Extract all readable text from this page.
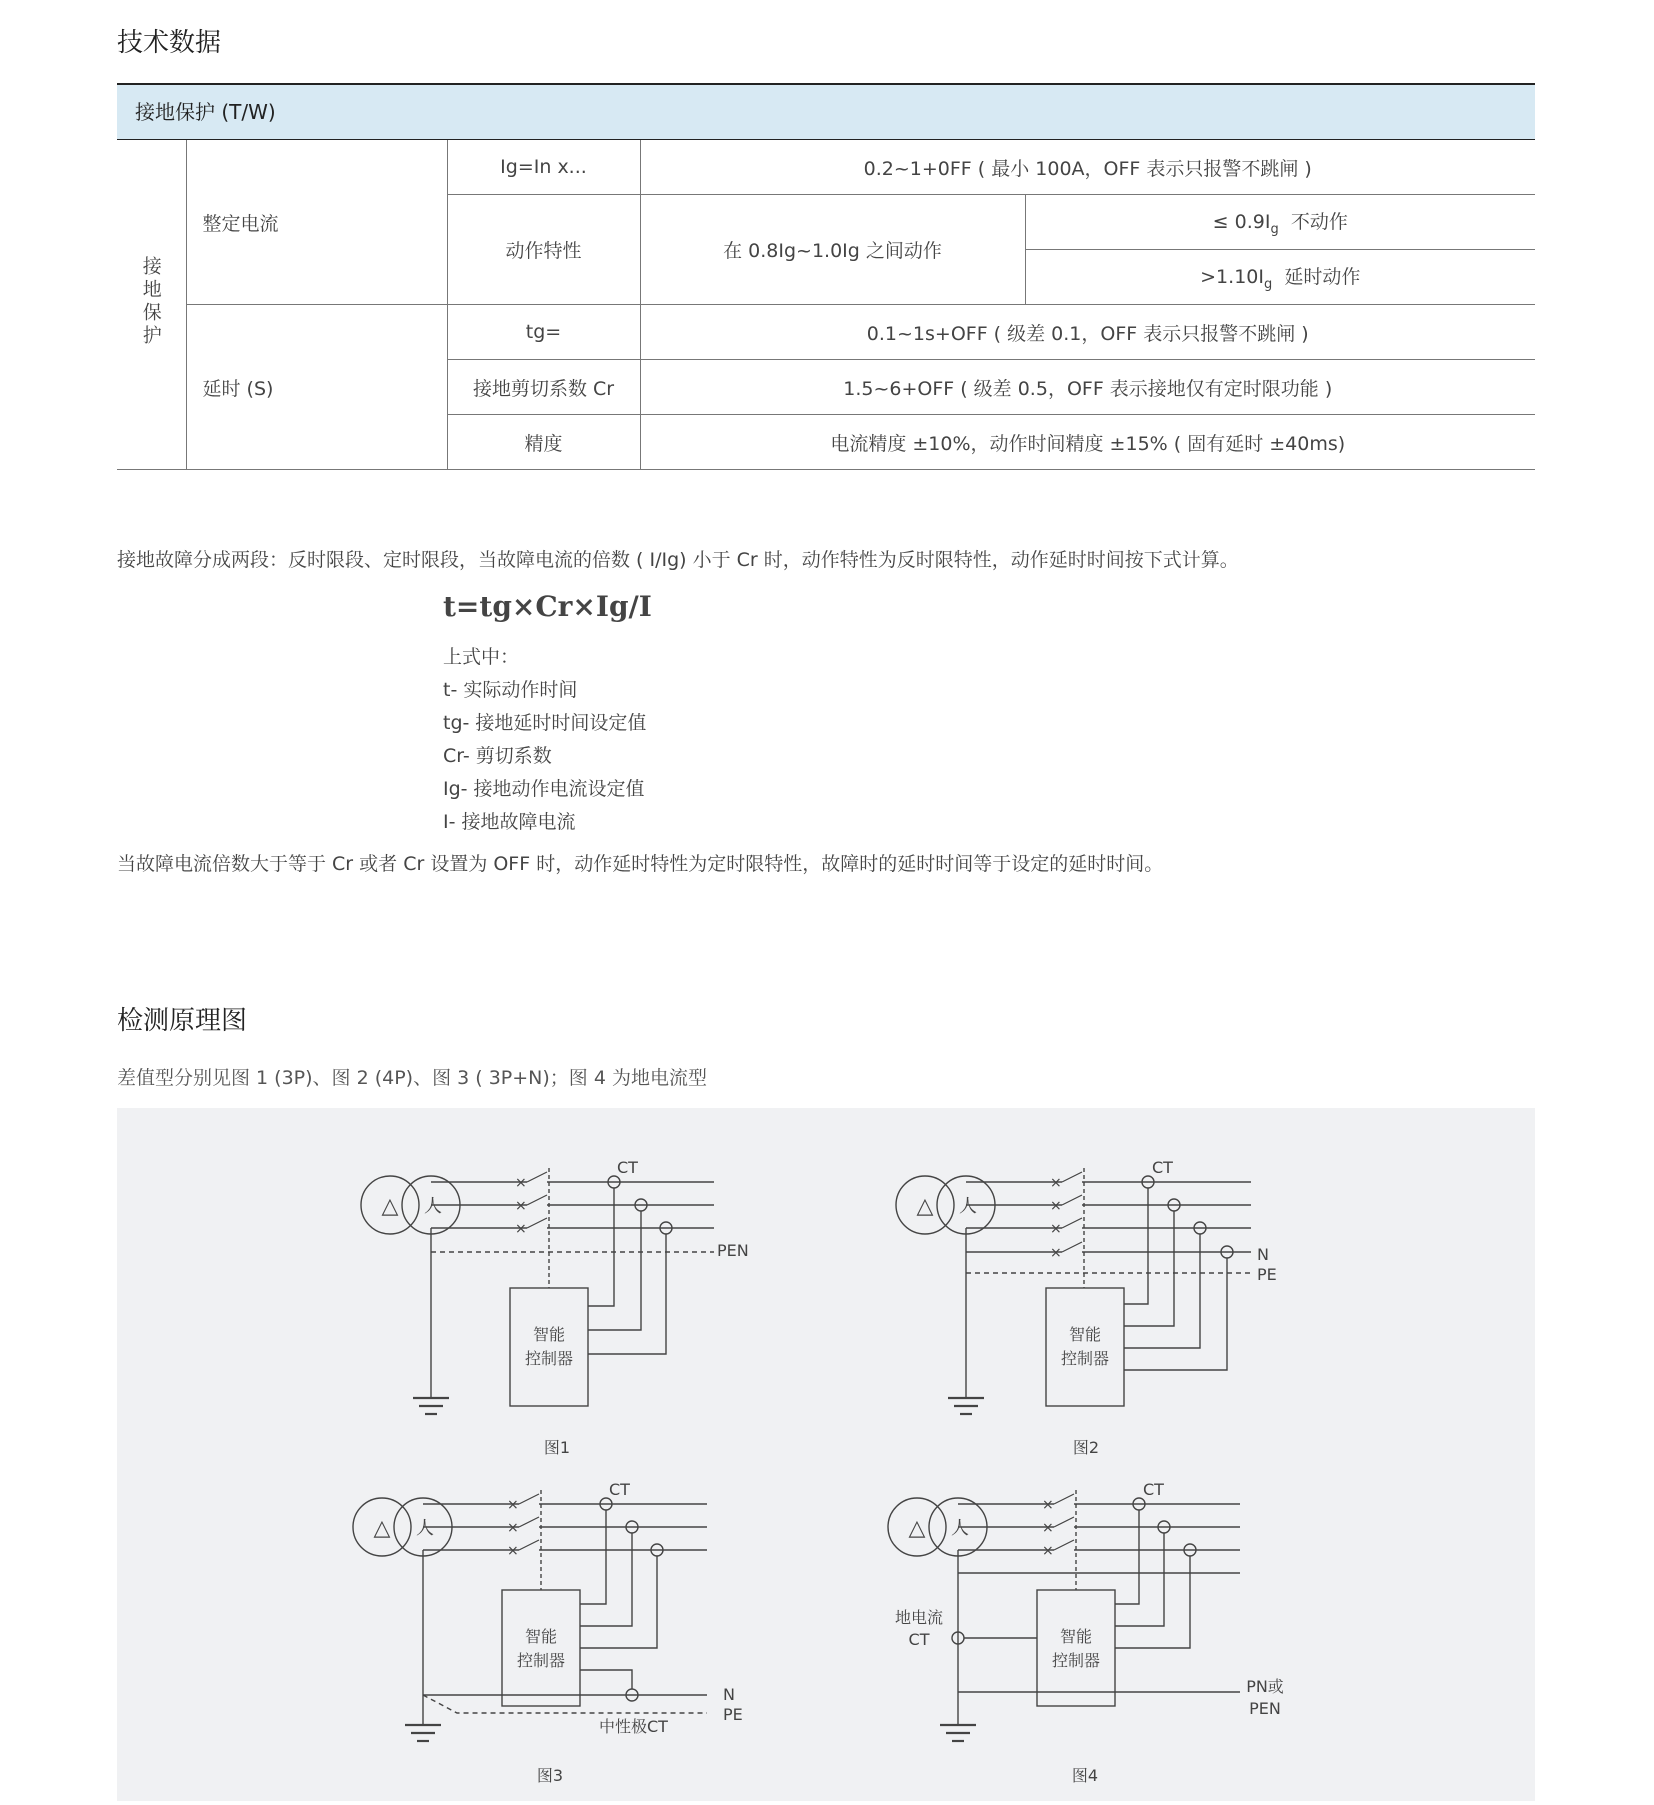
技术数据
接地保护 (T/W)
接地保护	整定电流	Ig=In x...	0.2~1+0FF ( 最小 100A，OFF 表示只报警不跳闸 )	
		动作特性	在 0.8Ig~1.0Ig 之间动作	≤ $0.9I_g$ 不动作
				$>1.10I_g$ 延时动作
	延时 (S)	tg=	0.1~1s+OFF ( 级差 0.1，OFF 表示只报警不跳闸 )	
		接地剪切系数 Cr	1.5~6+OFF ( 级差 0.5，OFF 表示接地仅有定时限功能 )	
		精度	电流精度 ±10%，动作时间精度 ±15% ( 固有延时 ±40ms)	
接地故障分成两段：反时限段、定时限段，当故障电流的倍数 ( I/Ig) 小于 Cr 时，动作特性为反时限特性，动作延时时间按下式计算。
t=tg×Cr×Ig/I
上式中：
t- 实际动作时间
tg- 接地延时时间设定值
Cr- 剪切系数
Ig- 接地动作电流设定值
I- 接地故障电流
当故障电流倍数大于等于 Cr 或者 Cr 设置为 OFF 时，动作延时特性为定时限特性，故障时的延时时间等于设定的延时时间。
检测原理图
差值型分别见图 1 (3P)、图 2 (4P)、图 3 ( 3P+N)；图 4 为地电流型
△ 人
×
×
×
PEN
CT
智能
控制器
图1
△ 人
×
×
×
×	N
PE
CT
智能
控制器
图2
△ 人
×
×
×
N
PE
CT
中性极CT
智能
控制器
图3
△ 人
×
×
×
PN或
PEN
CT
地电流
CT	智能
控制器
图4
